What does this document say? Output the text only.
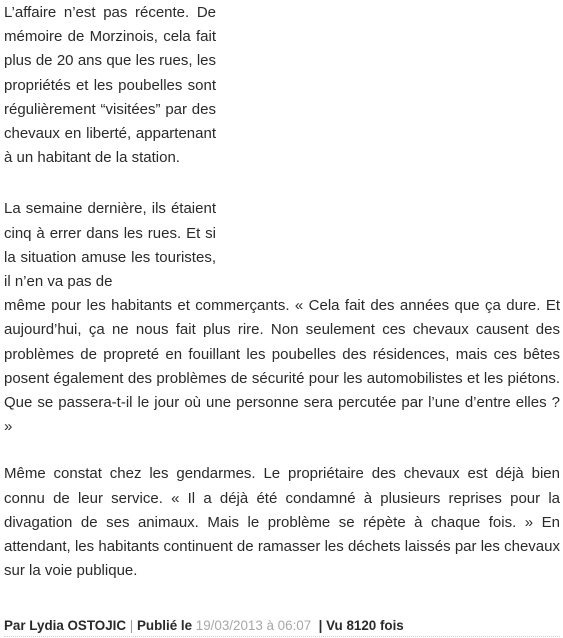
L’affaire n’est pas récente. De mémoire de Morzinois, cela fait plus de 20 ans que les rues, les propriétés et les poubelles sont régulièrement “visitées” par des chevaux en liberté, appartenant à un habitant de la station.

La semaine dernière, ils étaient cinq à errer dans les rues. Et si la situation amuse les touristes, il n’en va pas de
même pour les habitants et commerçants. « Cela fait des années que ça dure. Et aujourd’hui, ça ne nous fait plus rire. Non seulement ces chevaux causent des problèmes de propreté en fouillant les poubelles des résidences, mais ces bêtes posent également des problèmes de sécurité pour les automobilistes et les piétons. Que se passera-t-il le jour où une personne sera percutée par l’une d’entre elles ? »

Même constat chez les gendarmes. Le propriétaire des chevaux est déjà bien connu de leur service. « Il a déjà été condamné à plusieurs reprises pour la divagation de ses animaux. Mais le problème se répète à chaque fois. » En attendant, les habitants continuent de ramasser les déchets laissés par les chevaux sur la voie publique.

Par Lydia OSTOJIC | Publié le 19/03/2013 à 06:07  | Vu 8120 fois
